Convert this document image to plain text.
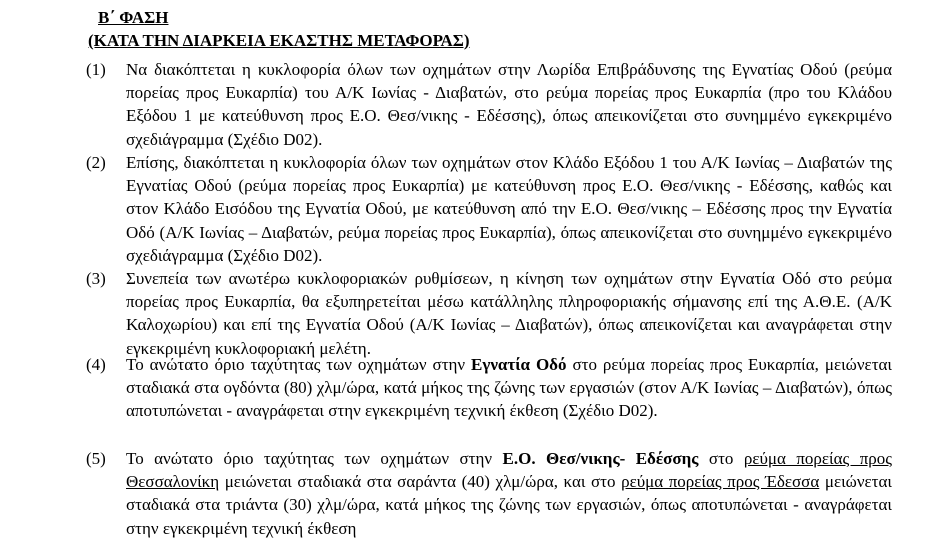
Β΄ ΦΑΣΗ
(ΚΑΤΑ ΤΗΝ ΔΙΑΡΚΕΙΑ ΕΚΑΣΤΗΣ ΜΕΤΑΦΟΡΑΣ)
(1)	Να διακόπτεται η κυκλοφορία όλων των οχημάτων στην Λωρίδα Επιβράδυνσης της Εγνατίας Οδού (ρεύμα πορείας προς Ευκαρπία) του Α/Κ Ιωνίας - Διαβατών, στο ρεύμα πορείας προς Ευκαρπία (προ του Κλάδου Εξόδου 1 με κατεύθυνση προς Ε.Ο. Θεσ/νικης - Εδέσσης), όπως απεικονίζεται στο συνημμένο εγκεκριμένο σχεδιάγραμμα (Σχέδιο D02).
(2)	Επίσης, διακόπτεται η κυκλοφορία όλων των οχημάτων στον Κλάδο Εξόδου 1 του Α/Κ Ιωνίας – Διαβατών της Εγνατίας Οδού (ρεύμα πορείας προς Ευκαρπία) με κατεύθυνση προς Ε.Ο. Θεσ/νικης - Εδέσσης, καθώς και στον Κλάδο Εισόδου της Εγνατία Οδού, με κατεύθυνση από την Ε.Ο. Θεσ/νικης – Εδέσσης προς την Εγνατία Οδό (Α/Κ Ιωνίας – Διαβατών, ρεύμα πορείας προς Ευκαρπία), όπως απεικονίζεται στο συνημμένο εγκεκριμένο σχεδιάγραμμα (Σχέδιο D02).
(3)	Συνεπεία των ανωτέρω κυκλοφοριακών ρυθμίσεων, η κίνηση των οχημάτων στην Εγνατία Οδό στο ρεύμα πορείας προς Ευκαρπία, θα εξυπηρετείται μέσω κατάλληλης πληροφοριακής σήμανσης επί της Α.Θ.Ε. (Α/Κ Καλοχωρίου) και επί της Εγνατία Οδού (Α/Κ Ιωνίας – Διαβατών), όπως απεικονίζεται και αναγράφεται στην εγκεκριμένη κυκλοφοριακή μελέτη.
(4)	Το ανώτατο όριο ταχύτητας των οχημάτων στην Εγνατία Οδό στο ρεύμα πορείας προς Ευκαρπία, μειώνεται σταδιακά στα ογδόντα (80) χλμ/ώρα, κατά μήκος της ζώνης των εργασιών (στον Α/Κ Ιωνίας – Διαβατών), όπως αποτυπώνεται - αναγράφεται στην εγκεκριμένη τεχνική έκθεση (Σχέδιο D02).
(5)	Το ανώτατο όριο ταχύτητας των οχημάτων στην Ε.Ο. Θεσ/νικης- Εδέσσης στο ρεύμα πορείας προς Θεσσαλονίκη μειώνεται σταδιακά στα σαράντα (40) χλμ/ώρα, και στο ρεύμα πορείας προς Έδεσσα μειώνεται σταδιακά στα τριάντα (30) χλμ/ώρα, κατά μήκος της ζώνης των εργασιών, όπως αποτυπώνεται - αναγράφεται στην εγκεκριμένη τεχνική έκθεση
